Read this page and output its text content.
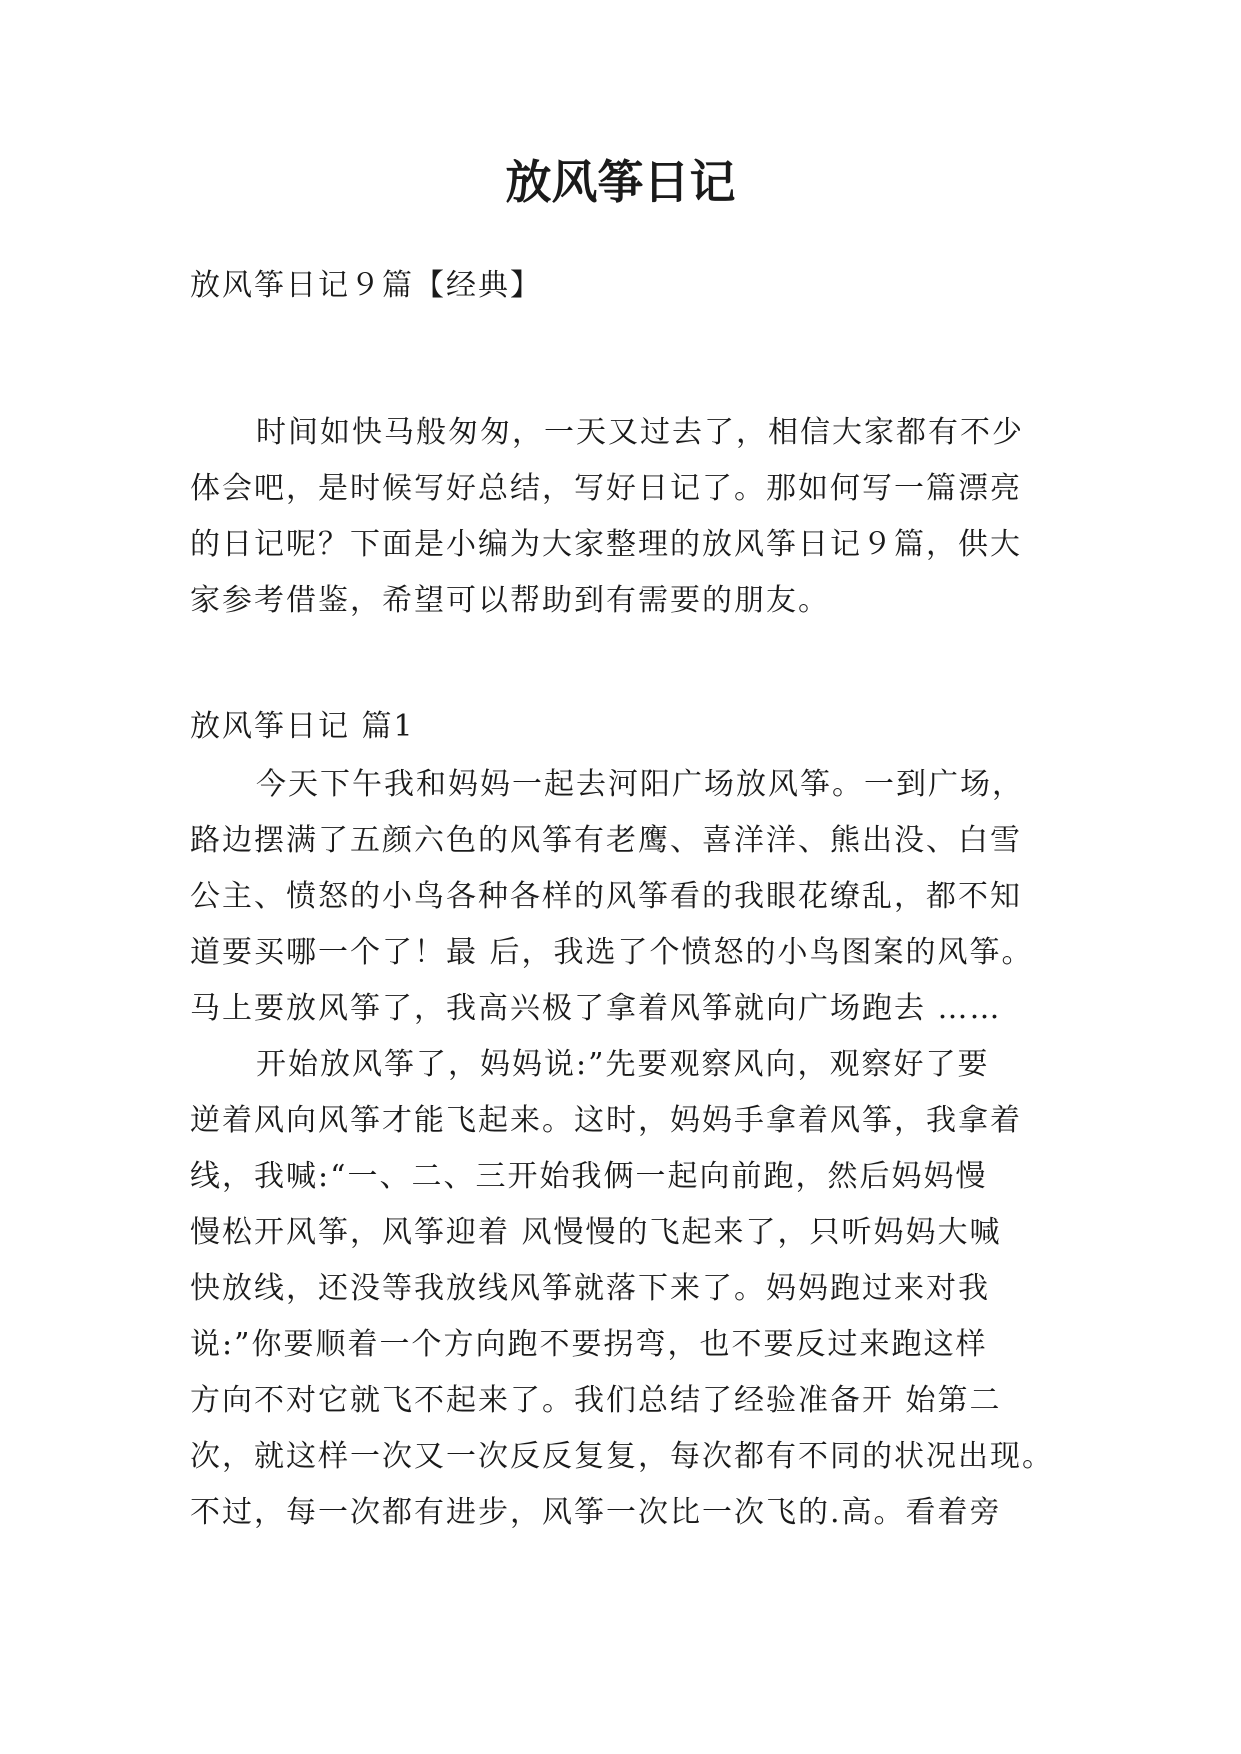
放风筝日记

放风筝日记９篇【经典】

时间如快马般匆匆，一天又过去了，相信大家都有不少

体会吧，是时候写好总结，写好日记了。那如何写一篇漂亮

的日记呢？下面是小编为大家整理的放风筝日记９篇，供大

家参考借鉴，希望可以帮助到有需要的朋友。

放风筝日记 篇1

今天下午我和妈妈一起去河阳广场放风筝。一到广场，

路边摆满了五颜六色的风筝有老鹰、喜洋洋、熊出没、白雪

公主、愤怒的小鸟各种各样的风筝看的我眼花缭乱，都不知

道要买哪一个了！最 后，我选了个愤怒的小鸟图案的风筝。

马上要放风筝了，我高兴极了拿着风筝就向广场跑去 ……

开始放风筝了，妈妈说:”先要观察风向，观察好了要

逆着风向风筝才能飞起来。这时，妈妈手拿着风筝，我拿着

线，我喊:“一、二、三开始我俩一起向前跑，然后妈妈慢

慢松开风筝，风筝迎着 风慢慢的飞起来了，只听妈妈大喊

快放线，还没等我放线风筝就落下来了。妈妈跑过来对我

说:”你要顺着一个方向跑不要拐弯，也不要反过来跑这样

方向不对它就飞不起来了。我们总结了经验准备开 始第二

次，就这样一次又一次反反复复，每次都有不同的状况出现。

不过，每一次都有进步，风筝一次比一次飞的.高。看着旁
